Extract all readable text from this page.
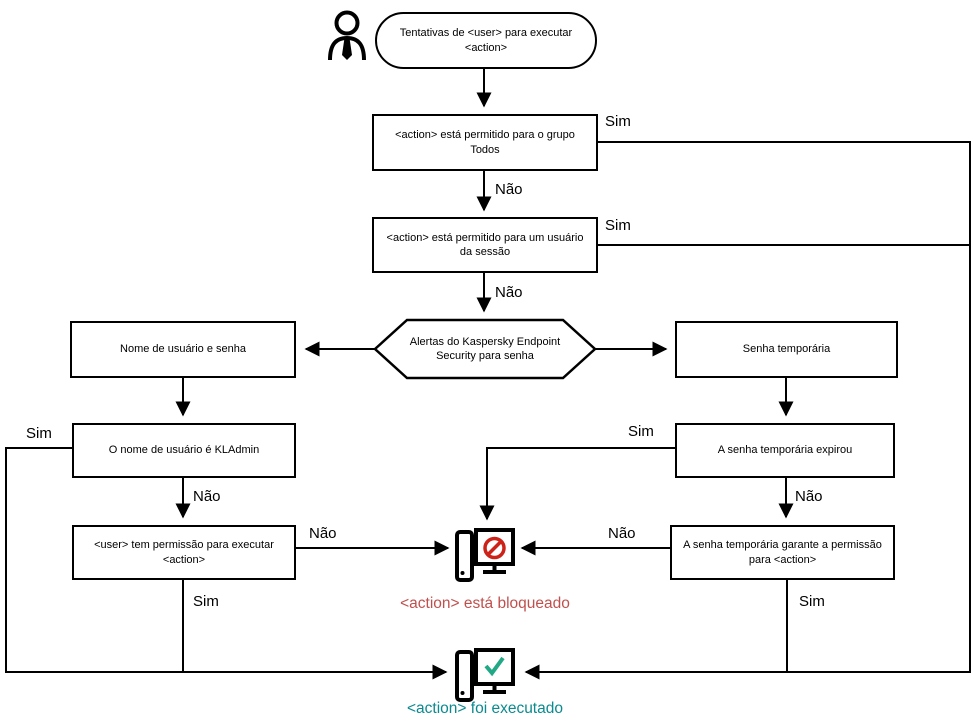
Tentativas de <user> para executar <action>
<action> está permitido para o grupo Todos
<action> está permitido para um usuário da sessão
Alertas do Kaspersky Endpoint Security para senha
Nome de usuário e senha
O nome de usuário é KLAdmin
<user> tem permissão para executar <action>
Senha temporária
A senha temporária expirou
A senha temporária garante a permissão para <action>
Sim
Não
Sim
Não
Sim
Não
Não
Sim
Sim
Não
Não
Sim
<action> está bloqueado
<action> foi executado
